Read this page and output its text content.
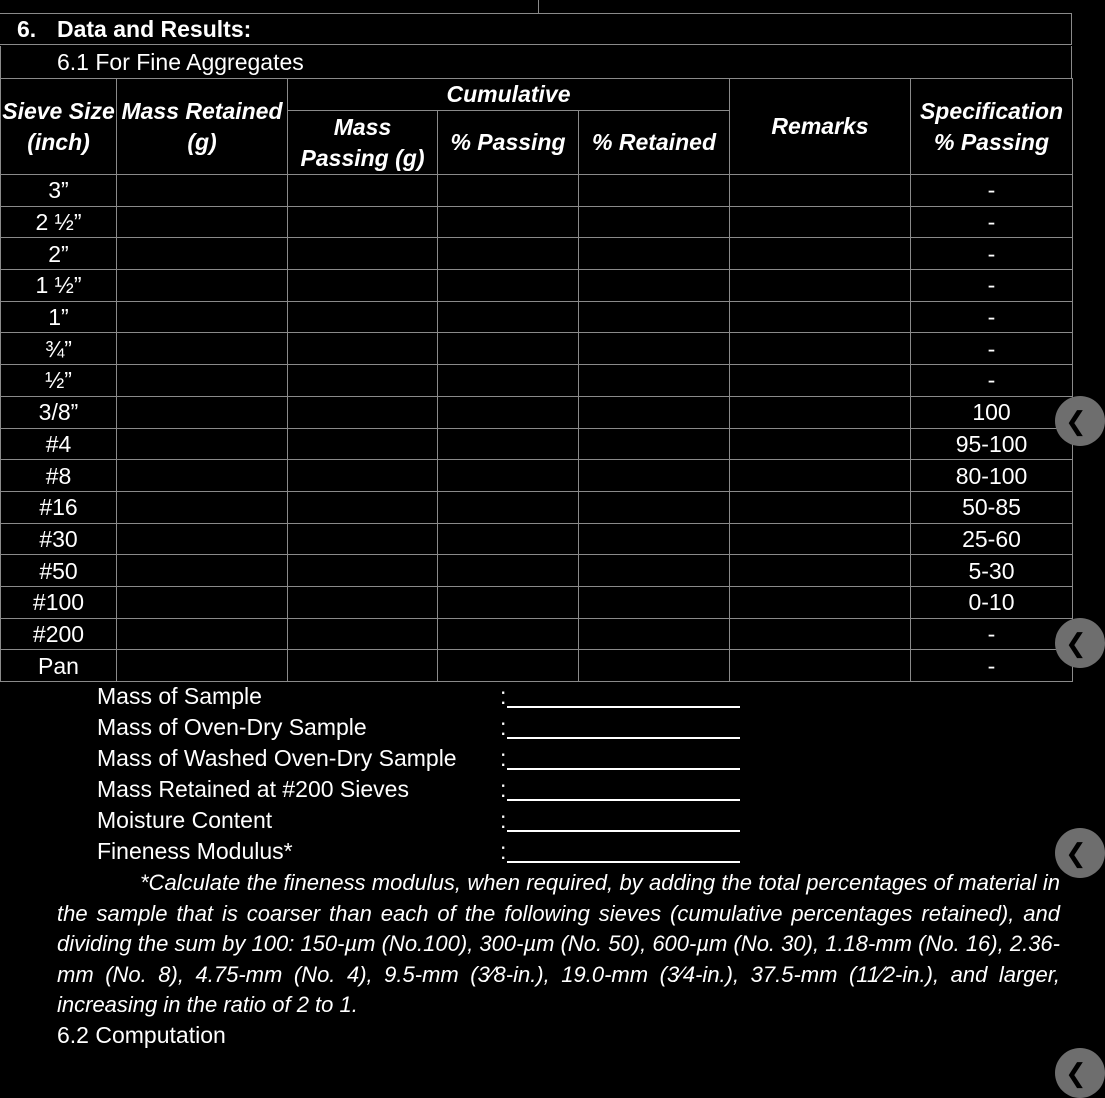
6. Data and Results:
6.1 For Fine Aggregates
Sieve Size (inch)	Mass Retained (g)	Cumulative			Remarks	Specification % Passing
		Mass Passing (g)	% Passing	% Retained		
3”						-
2 ½”						-
2”						-
1 ½”						-
1”						-
¾”						-
½”						-
3/8”						100
#4						95-100
#8						80-100
#16						50-85
#30						25-60
#50						5-30
#100						0-10
#200						-
Pan						-
Mass of Sample	:
Mass of Oven-Dry Sample	:
Mass of Washed Oven-Dry Sample :
Mass Retained at #200 Sieves	:
Moisture Content	:
Fineness Modulus*	:
*Calculate the fineness modulus, when required, by adding the total percentages of material in the sample that is coarser than each of the following sieves (cumulative percentages retained), and dividing the sum by 100: 150-µm (No.100), 300-µm (No. 50), 600-µm (No. 30), 1.18-mm (No. 16), 2.36-mm (No. 8), 4.75-mm (No. 4), 9.5-mm (3⁄8-in.), 19.0-mm (3⁄4-in.), 37.5-mm (11⁄2-in.), and larger, increasing in the ratio of 2 to 1.
6.2 Computation
❮
❮
❮
❮
